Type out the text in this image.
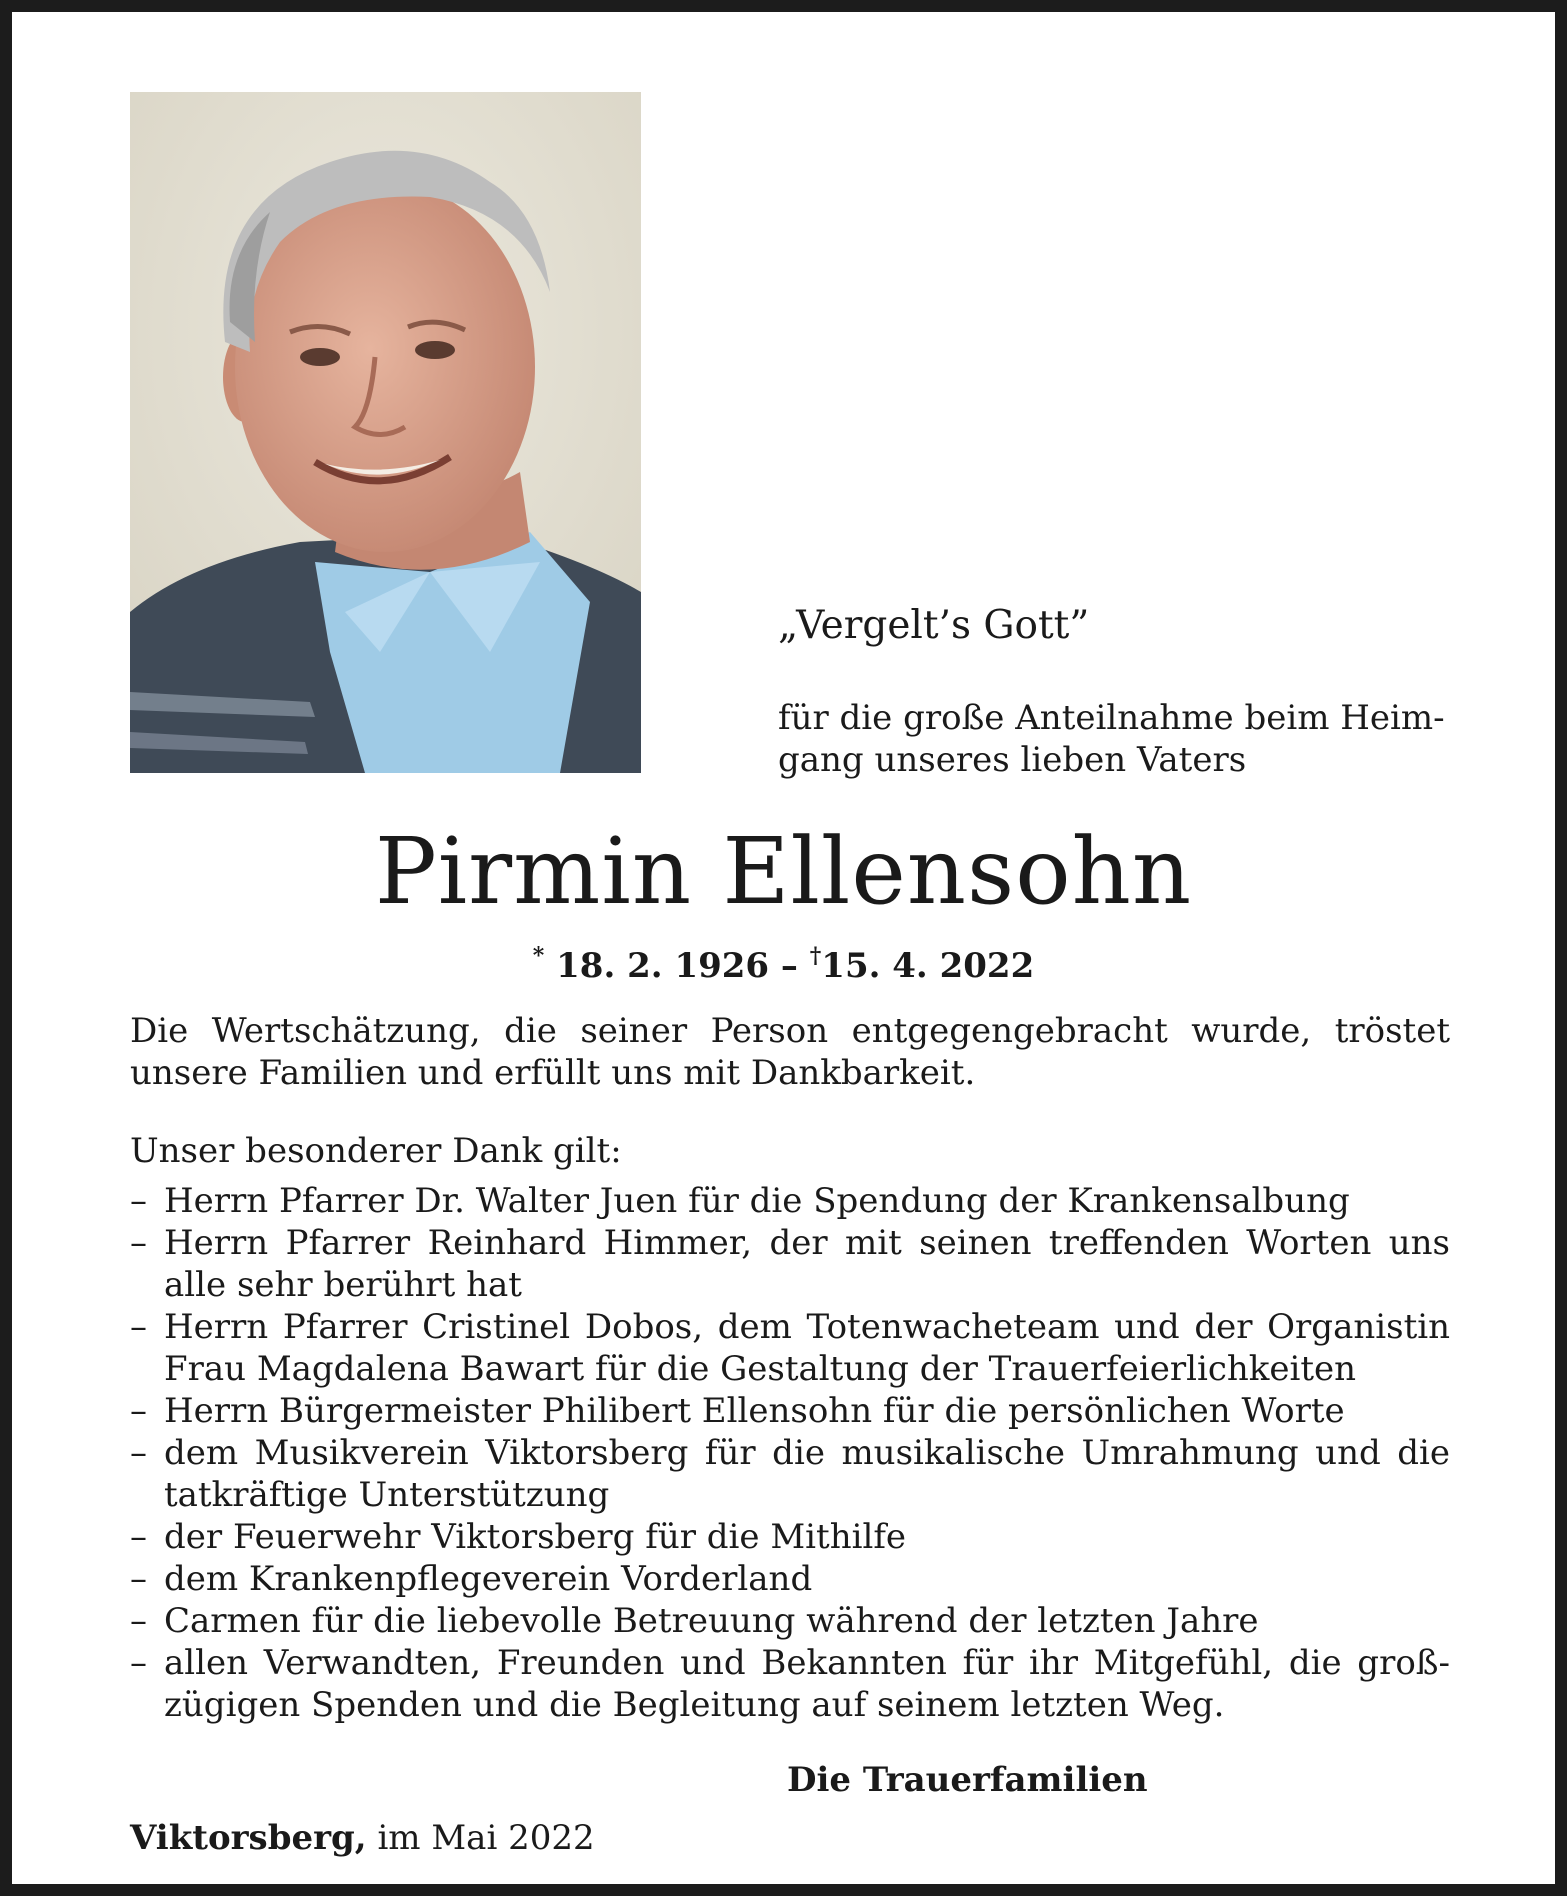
„Vergelt’s Gott”
für die große Anteilnahme beim Heim-
gang unseres lieben Vaters
Pirmin Ellensohn
* 18. 2. 1926 – †15. 4. 2022
Die Wertschätzung, die seiner Person entgegengebracht wurde, tröstet
unsere Familien und erfüllt uns mit Dankbarkeit.
Unser besonderer Dank gilt:
– Herrn Pfarrer Dr. Walter Juen für die Spendung der Krankensalbung
– Herrn Pfarrer Reinhard Himmer, der mit seinen treffenden Worten uns
alle sehr berührt hat
– Herrn Pfarrer Cristinel Dobos, dem Totenwacheteam und der Organistin
Frau Magdalena Bawart für die Gestaltung der Trauerfeierlichkeiten
– Herrn Bürgermeister Philibert Ellensohn für die persönlichen Worte
– dem Musikverein Viktorsberg für die musikalische Umrahmung und die
tatkräftige Unterstützung
– der Feuerwehr Viktorsberg für die Mithilfe
– dem Krankenpflegeverein Vorderland
– Carmen für die liebevolle Betreuung während der letzten Jahre
– allen Verwandten, Freunden und Bekannten für ihr Mitgefühl, die groß-
zügigen Spenden und die Begleitung auf seinem letzten Weg.
Die Trauerfamilien
Viktorsberg, im Mai 2022
